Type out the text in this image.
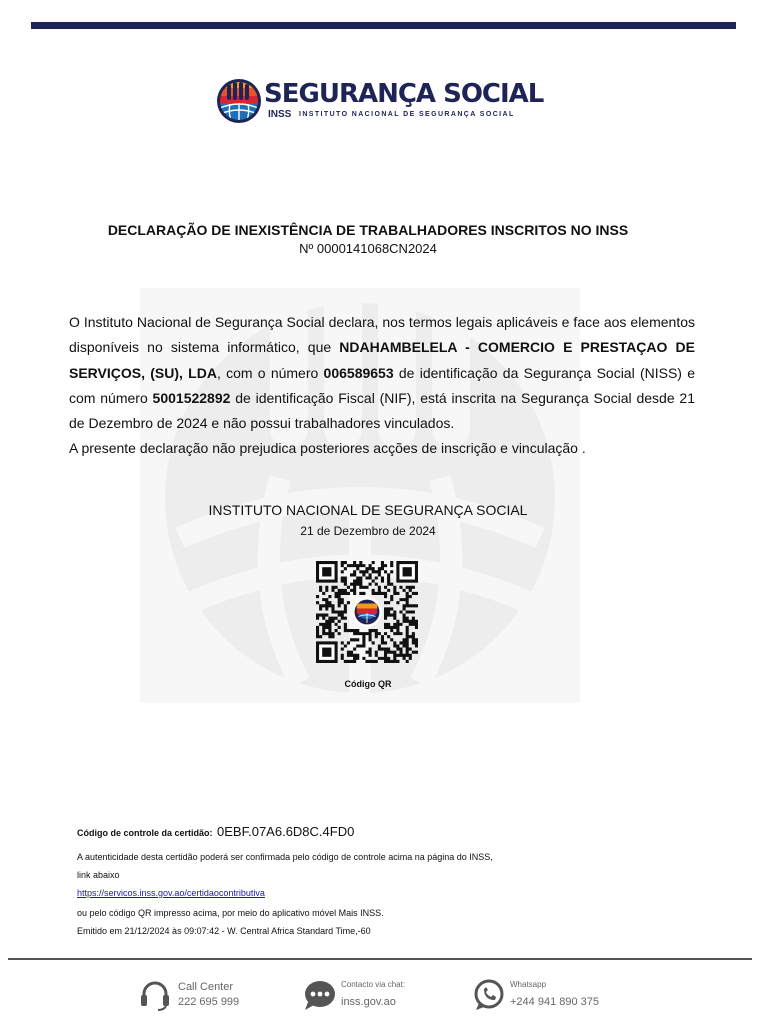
SEGURANÇA SOCIAL
INSS INSTITUTO NACIONAL DE SEGURANÇA SOCIAL
DECLARAÇÃO DE INEXISTÊNCIA DE TRABALHADORES INSCRITOS NO INSS
Nº 0000141068CN2024

O Instituto Nacional de Segurança Social declara, nos termos legais aplicáveis e face aos elementos disponíveis no sistema informático, que NDAHAMBELELA - COMERCIO E PRESTAÇAO DE SERVIÇOS, (SU), LDA, com o número 006589653 de identificação da Segurança Social (NISS) e com número 5001522892 de identificação Fiscal (NIF), está inscrita na Segurança Social desde 21 de Dezembro de 2024 e não possui trabalhadores vinculados.

A presente declaração não prejudica posteriores acções de inscrição e vinculação .

INSTITUTO NACIONAL DE SEGURANÇA SOCIAL
21 de Dezembro de 2024
Código QR
Código de controle da certidão: 0EBF.07A6.6D8C.4FD0
A autenticidade desta certidão poderá ser confirmada pelo código de controle acima na página do INSS,
link abaixo
https://servicos.inss.gov.ao/certidaocontributiva
ou pelo código QR impresso acima, por meio do aplicativo móvel Mais INSS.
Emitido em 21/12/2024 às 09:07:42 - W. Central Africa Standard Time,-60
Call Center
222 695 999
Contacto via chat:
inss.gov.ao
Whatsapp
+244 941 890 375
